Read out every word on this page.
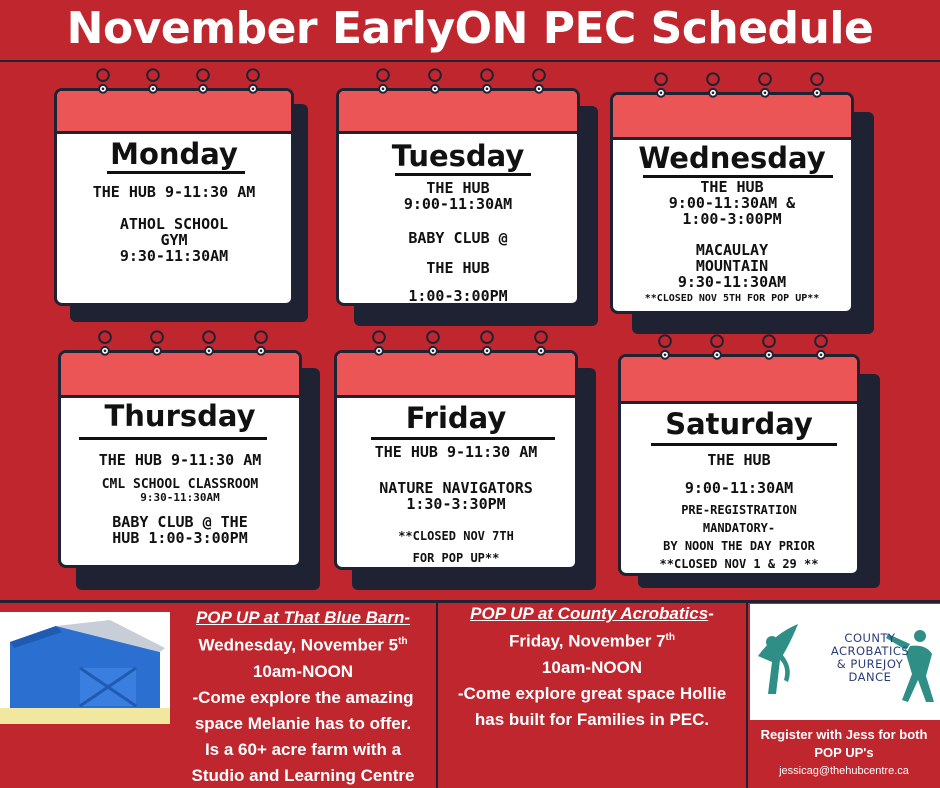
November EarlyON PEC Schedule
Monday
THE HUB 9-11:30 AM
ATHOL SCHOOL
GYM
9:30-11:30AM
Tuesday
THE HUB
9:00-11:30AM
BABY CLUB @
THE HUB
1:00-3:00PM
Wednesday
THE HUB
9:00-11:30AM &
1:00-3:00PM
MACAULAY
MOUNTAIN
9:30-11:30AM
**CLOSED NOV 5TH FOR POP UP**
Thursday
THE HUB 9-11:30 AM
CML SCHOOL CLASSROOM
9:30-11:30AM
BABY CLUB @ THE
HUB 1:00-3:00PM
Friday
THE HUB 9-11:30 AM
NATURE NAVIGATORS
1:30-3:30PM
**CLOSED NOV 7TH
FOR POP UP**
Saturday
THE HUB
9:00-11:30AM
PRE-REGISTRATION
MANDATORY-
BY NOON THE DAY PRIOR
**CLOSED NOV 1 & 29 **
POP UP at That Blue Barn-
Wednesday, November 5th
10am-NOON
-Come explore the amazing
space Melanie has to offer.
Is a 60+ acre farm with a
Studio and Learning Centre
POP UP at County Acrobatics-
Friday, November 7th
10am-NOON
-Come explore great space Hollie
has built for Families in PEC.
COUNTY
ACROBATICS
& PUREJOY
DANCE
Register with Jess for both
POP UP's
jessicag@thehubcentre.ca
